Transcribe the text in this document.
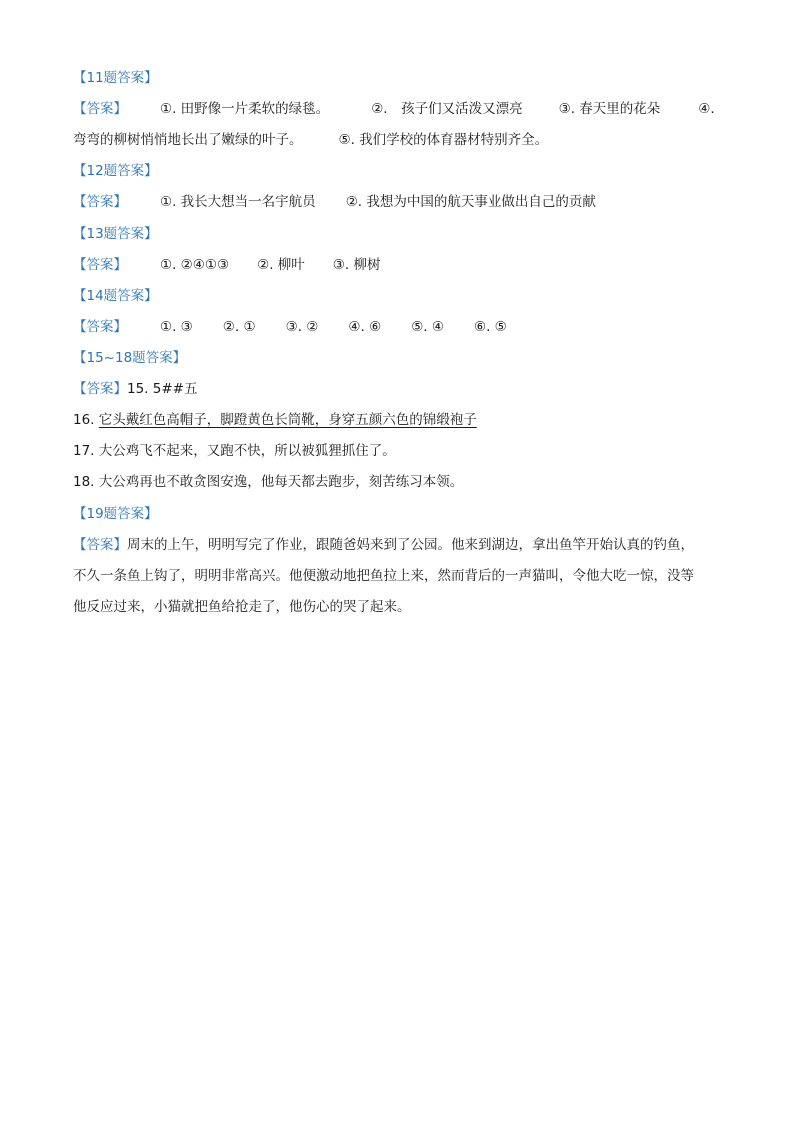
【11题答案】
【答案】 ①. 田野像一片柔软的绿毯。	②.　孩子们又活泼又漂亮	③. 春天里的花朵	④.
弯弯的柳树悄悄地长出了嫩绿的叶子。	⑤. 我们学校的体育器材特别齐全。
【12题答案】
【答案】 ①. 我长大想当一名宇航员 ②. 我想为中国的航天事业做出自己的贡献
【13题答案】
【答案】 ①. ②④①③ ②. 柳叶 ③. 柳树
【14题答案】
【答案】 ①. ③ ②. ① ③. ② ④. ⑥ ⑤. ④ ⑥. ⑤
【15~18题答案】
【答案】15. 5##五
16. 它头戴红色高帽子，脚蹬黄色长筒靴，身穿五颜六色的锦缎袍子
17. 大公鸡飞不起来，又跑不快，所以被狐狸抓住了。
18. 大公鸡再也不敢贪图安逸，他每天都去跑步，刻苦练习本领。
【19题答案】
【答案】周末的上午，明明写完了作业，跟随爸妈来到了公园。他来到湖边，拿出鱼竿开始认真的钓鱼，
不久一条鱼上钩了，明明非常高兴。他便激动地把鱼拉上来，然而背后的一声猫叫，令他大吃一惊，没等
他反应过来，小猫就把鱼给抢走了，他伤心的哭了起来。
